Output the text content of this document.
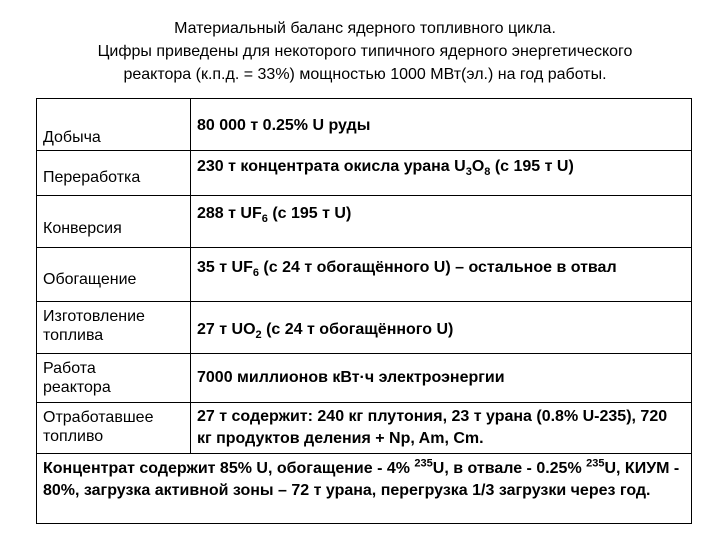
Материальный баланс ядерного топливного цикла.
Цифры приведены для некоторого типичного ядерного энергетического
реактора (к.п.д. = 33%) мощностью 1000 МВт(эл.) на год работы.
Добыча
80 000 т 0.25% U руды
Переработка
230 т концентрата окисла урана $U_3O_8$ (с 195 т U)
Конверсия
288 т $UF_6$ (с 195 т U)
Обогащение
35 т $UF_6$ (с 24 т обогащённого U) – остальное в отвал
Изготовление
топлива	27 т $UO_2$ (с 24 т обогащённого U)
Работа
реактора
7000 миллионов кВт·ч электроэнергии
Отработавшее
топливо
27 т содержит: 240 кг плутония, 23 т урана (0.8% U-235), 720 кг продуктов деления + Np, Am, Cm.
Концентрат содержит 85% U, обогащение - 4% $^{235}$U, в отвале - 0.25% $^{235}$U, КИУМ - 80%, загрузка активной зоны – 72 т урана, перегрузка 1/3 загрузки через год.
